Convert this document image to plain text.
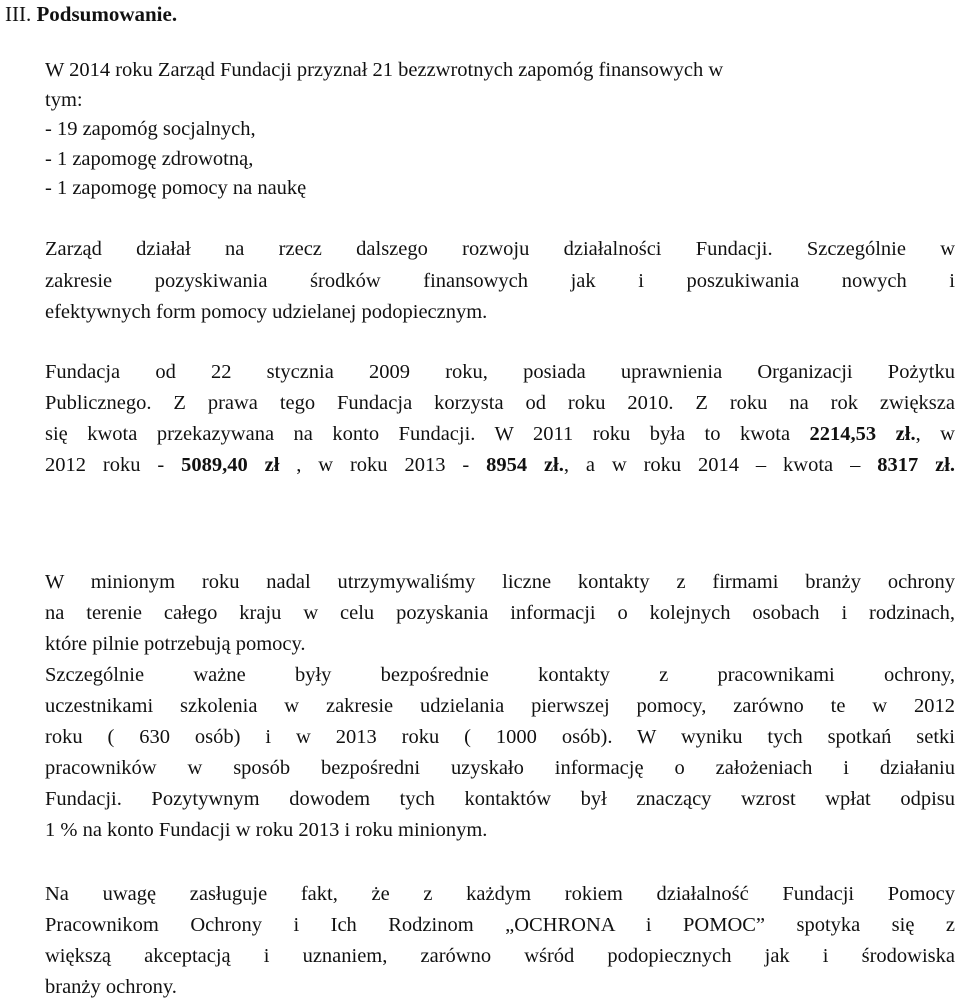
III. Podsumowanie.
W 2014 roku Zarząd Fundacji przyznał 21 bezzwrotnych zapomóg finansowych w
tym:
- 19 zapomóg socjalnych,
- 1 zapomogę zdrowotną,
- 1 zapomogę pomocy na naukę
Zarząd działał na rzecz dalszego rozwoju działalności Fundacji. Szczególnie w
zakresie pozyskiwania środków finansowych jak i poszukiwania nowych i
efektywnych form pomocy udzielanej podopiecznym.
Fundacja od 22 stycznia 2009 roku, posiada uprawnienia Organizacji Pożytku
Publicznego. Z prawa tego Fundacja korzysta od roku 2010. Z roku na rok zwiększa
się kwota przekazywana na konto Fundacji. W 2011 roku była to kwota 2214,53 zł., w
2012 roku - 5089,40 zł , w roku 2013 - 8954 zł., a w roku 2014 – kwota – 8317 zł.
W minionym roku nadal utrzymywaliśmy liczne kontakty z firmami branży ochrony
na terenie całego kraju w celu pozyskania informacji o kolejnych osobach i rodzinach,
które pilnie potrzebują pomocy.
Szczególnie ważne były bezpośrednie kontakty z pracownikami ochrony,
uczestnikami szkolenia w zakresie udzielania pierwszej pomocy, zarówno te w 2012
roku ( 630 osób) i w 2013 roku ( 1000 osób). W wyniku tych spotkań setki
pracowników w sposób bezpośredni uzyskało informację o założeniach i działaniu
Fundacji. Pozytywnym dowodem tych kontaktów był znaczący wzrost wpłat odpisu
1 % na konto Fundacji w roku 2013 i roku minionym.
Na uwagę zasługuje fakt, że z każdym rokiem działalność Fundacji Pomocy
Pracownikom Ochrony i Ich Rodzinom „OCHRONA i POMOC” spotyka się z
większą akceptacją i uznaniem, zarówno wśród podopiecznych jak i środowiska
branży ochrony.
